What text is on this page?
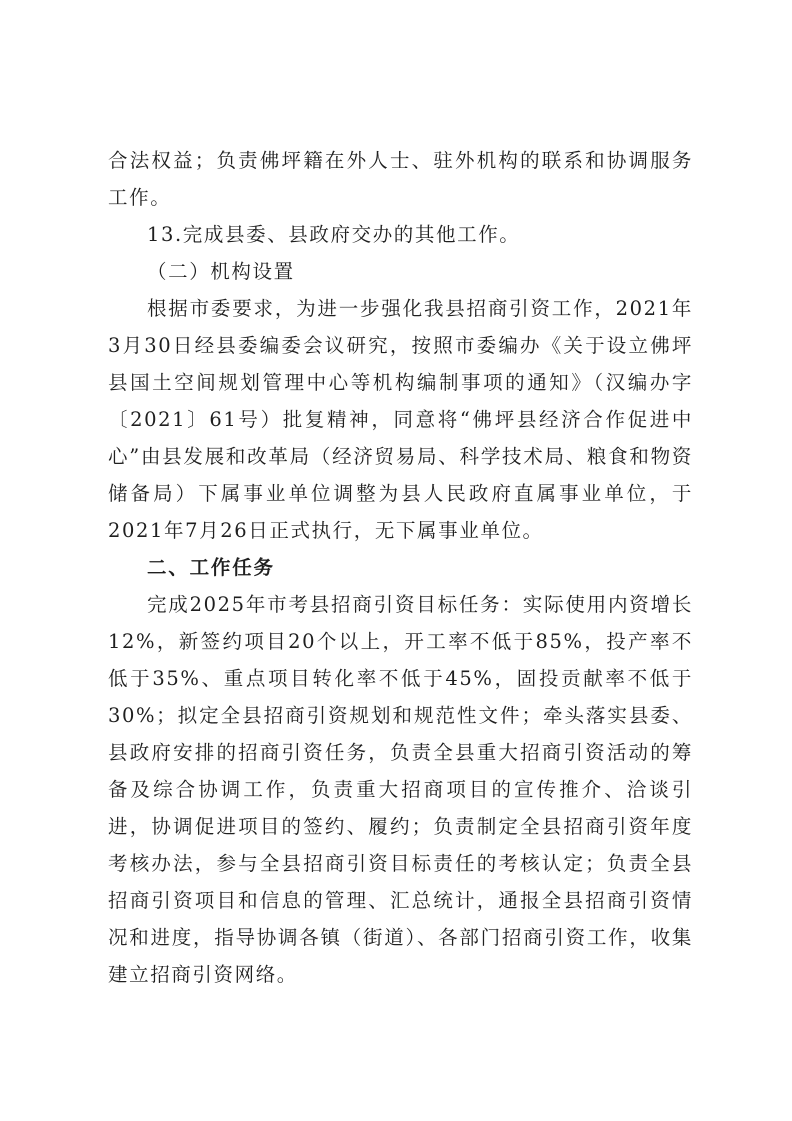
合法权益；负责佛坪籍在外人士、驻外机构的联系和协调服务工作。

13.完成县委、县政府交办的其他工作。

（二）机构设置

根据市委要求，为进一步强化我县招商引资工作，2021年3月30日经县委编委会议研究，按照市委编办《关于设立佛坪县国土空间规划管理中心等机构编制事项的通知》（汉编办字〔2021〕61号）批复精神，同意将“佛坪县经济合作促进中心”由县发展和改革局（经济贸易局、科学技术局、粮食和物资储备局）下属事业单位调整为县人民政府直属事业单位，于2021年7月26日正式执行，无下属事业单位。

二、工作任务

完成2025年市考县招商引资目标任务：实际使用内资增长12%，新签约项目20个以上，开工率不低于85%，投产率不低于35%、重点项目转化率不低于45%，固投贡献率不低于30%；拟定全县招商引资规划和规范性文件；牵头落实县委、县政府安排的招商引资任务，负责全县重大招商引资活动的筹备及综合协调工作，负责重大招商项目的宣传推介、洽谈引进，协调促进项目的签约、履约；负责制定全县招商引资年度考核办法，参与全县招商引资目标责任的考核认定；负责全县招商引资项目和信息的管理、汇总统计，通报全县招商引资情况和进度，指导协调各镇（街道）、各部门招商引资工作，收集建立招商引资网络。
